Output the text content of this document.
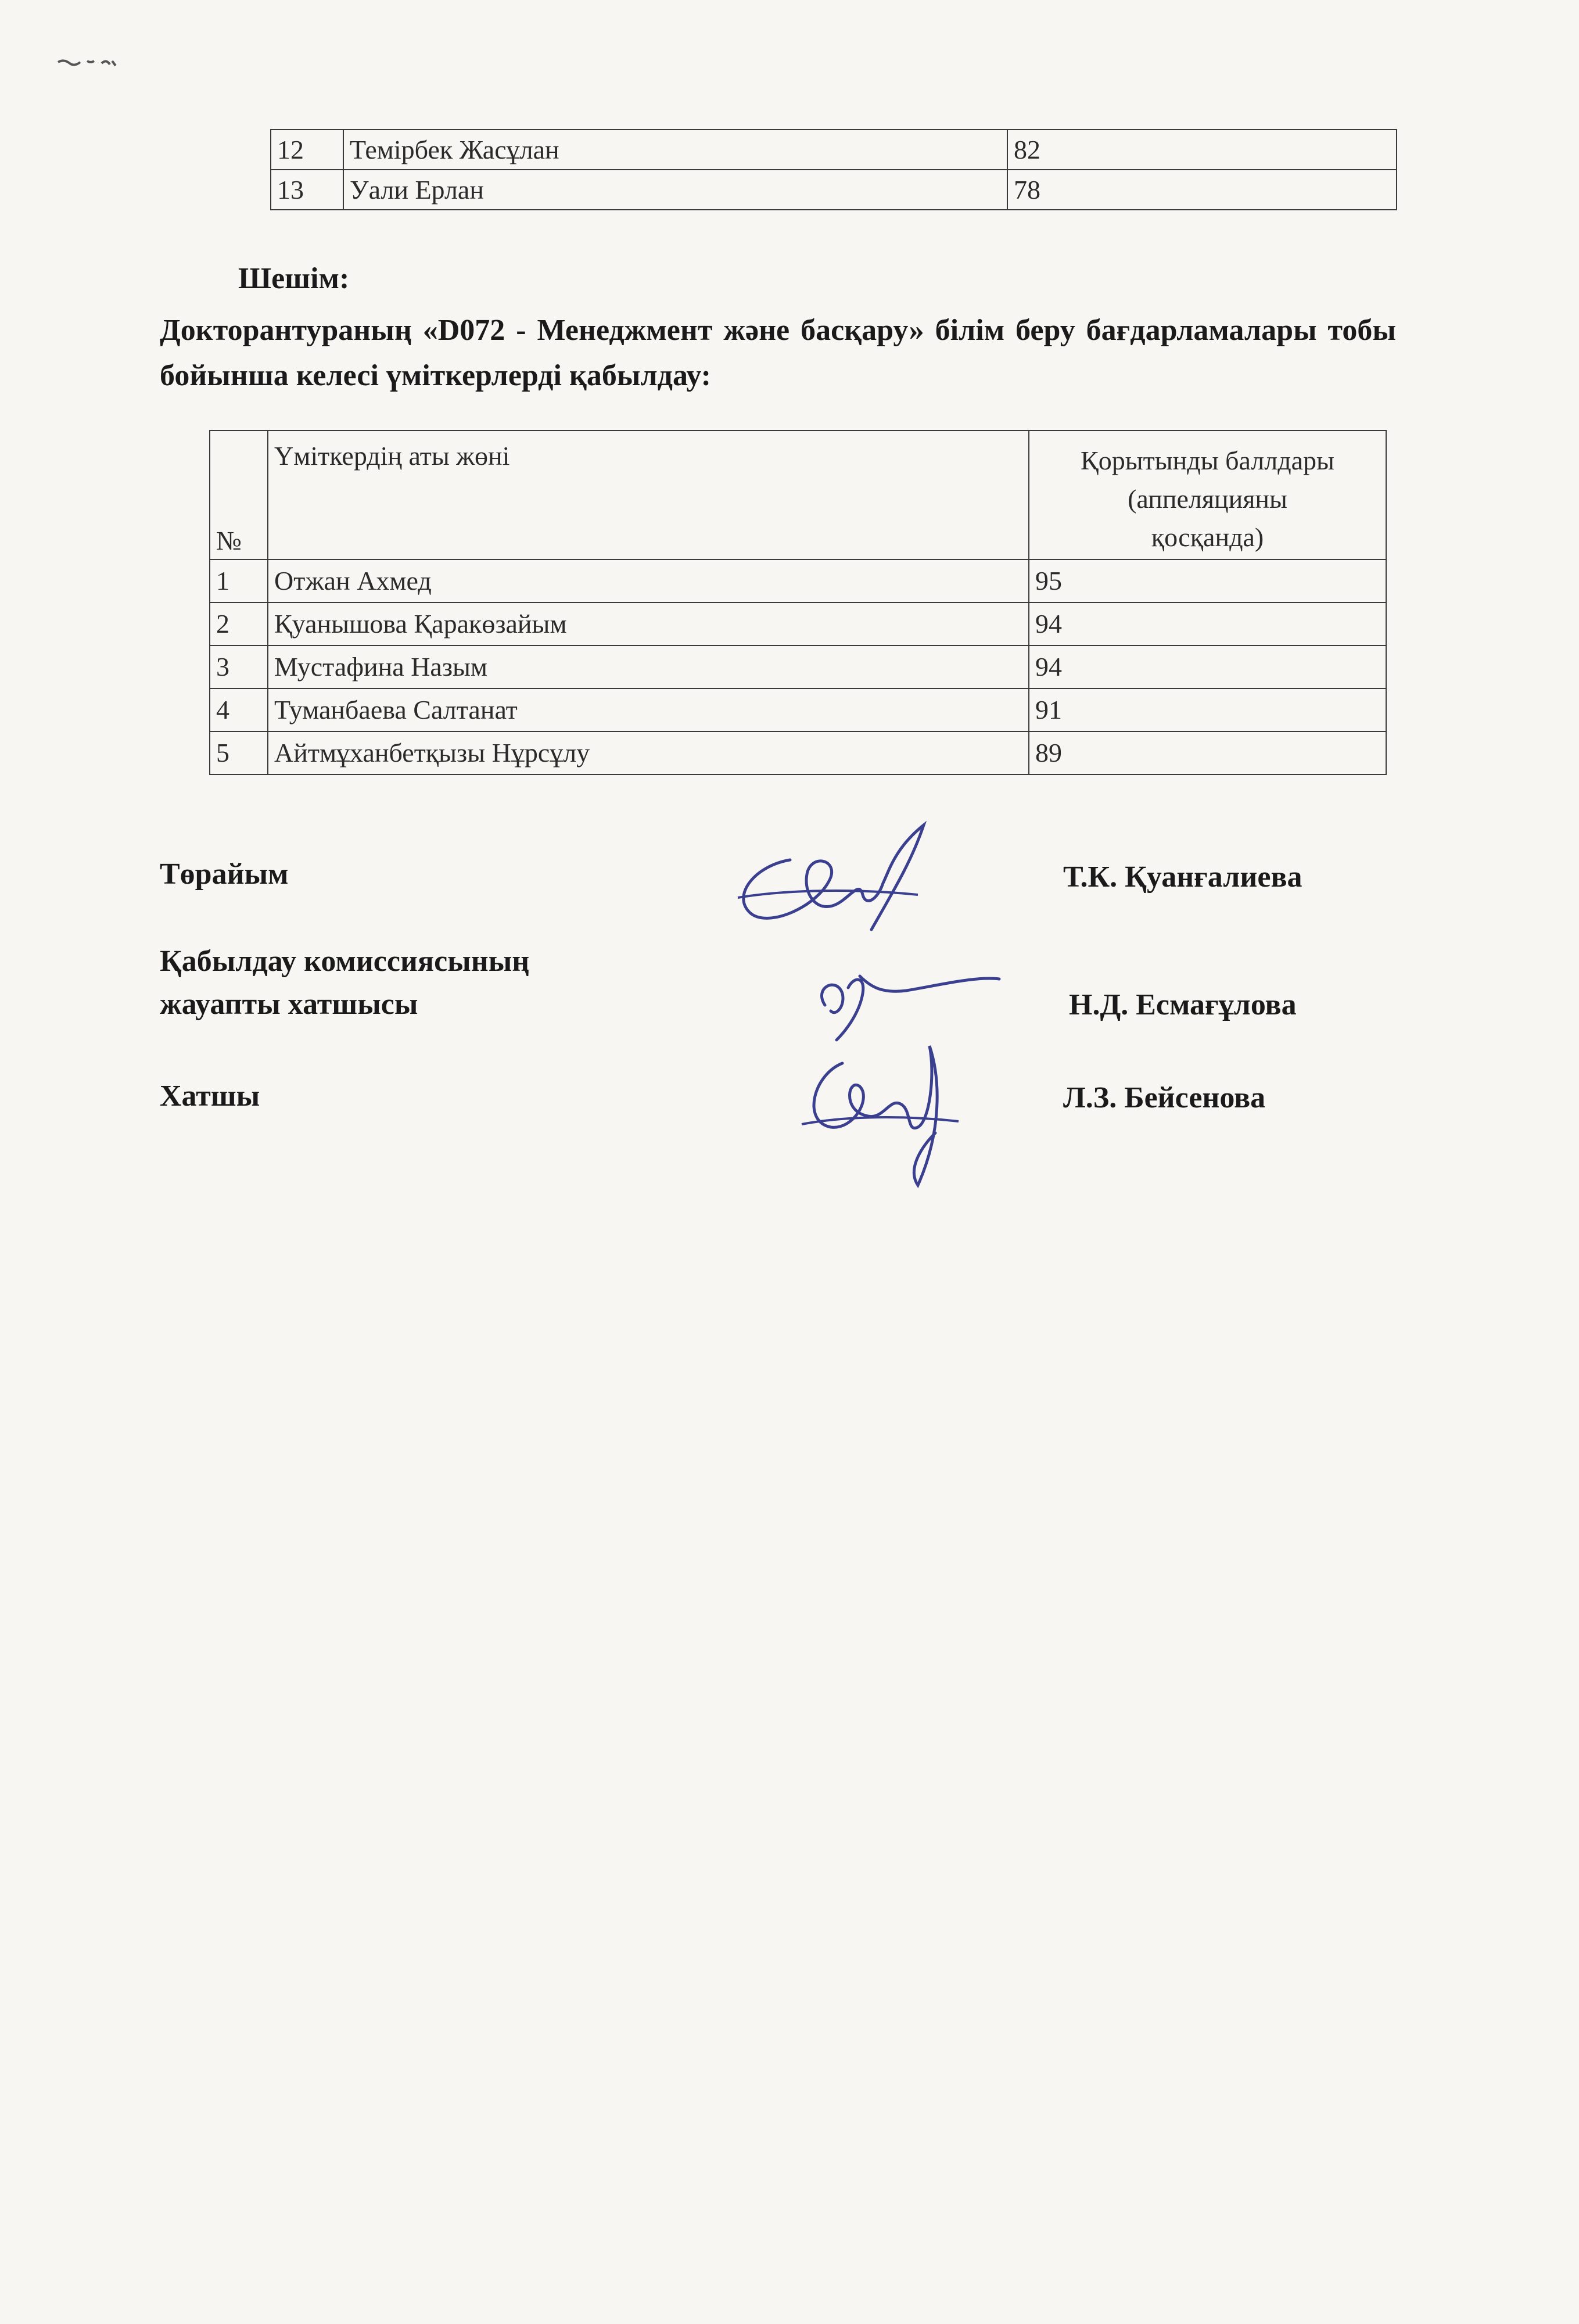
12	Темірбек Жасұлан	82
13	Уали Ерлан	78

Шешім:

Докторантураның «D072 - Менеджмент және басқару» білім беру бағдарламалары тобы бойынша келесі үміткерлерді қабылдау:

№	Үміткердің аты жөні	Қорытынды баллдары
(аппеляцияны
қосқанда)

1	Отжан Ахмед	95
2	Қуанышова Қаракөзайым	94
3	Мустафина Назым	94
4	Туманбаева Салтанат	91
5	Айтмұханбетқызы Нұрсұлу	89

Төрайым	Т.К. Қуанғалиева

Қабылдау комиссиясының
жауапты хатшысы	Н.Д. Есмағұлова

Хатшы	Л.З. Бейсенова
